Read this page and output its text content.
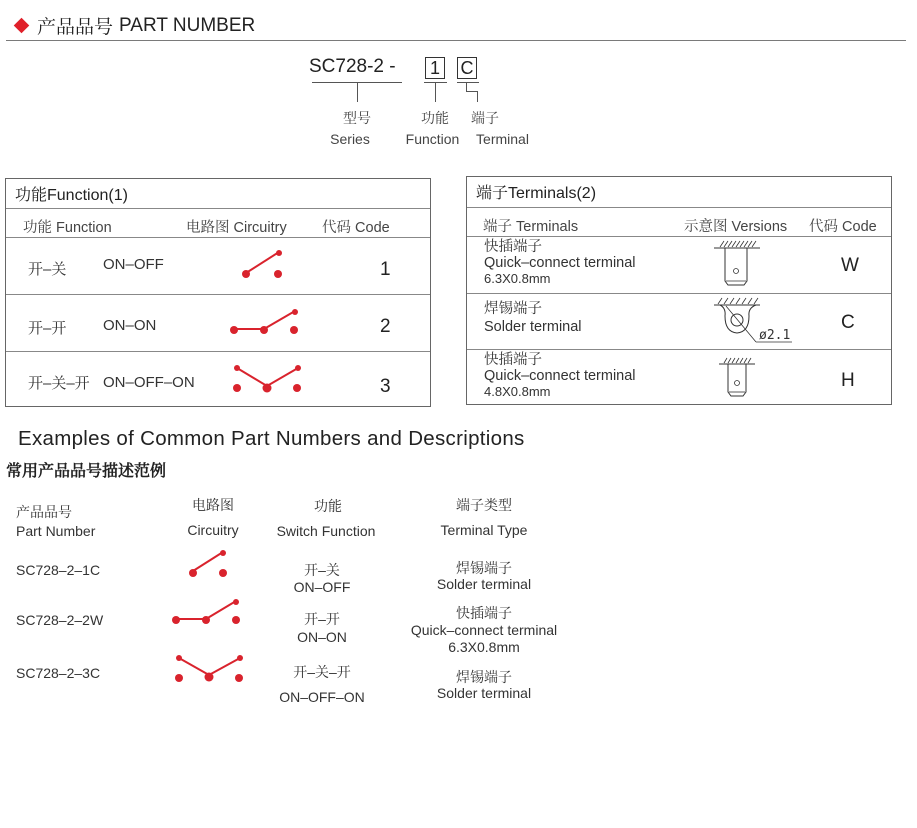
产品品号 PART NUMBER
SC728-2 - 1 C
型号
Series
功能
Function
端子
Terminal
功能Function(1)
功能 Function	电路图 Circuitry 代码 Code
开–关 ON–OFF	1
开–开 ON–ON	2
开–关–开 ON–OFF–ON	3
端子Terminals(2)
端子 Terminals	示意图 Versions 代码 Code
快插端子
Quick–connect terminal
6.3X0.8mm
W
焊锡端子
Solder terminal
ø2.1
C
快插端子
Quick–connect terminal
4.8X0.8mm
H
Examples of Common Part Numbers and Descriptions
常用产品品号描述范例
产品品号
Part Number
电路图
Circuitry
功能
Switch Function
端子类型
Terminal Type
SC728–2–1C	开–关
ON–OFF
焊锡端子
Solder terminal
SC728–2–2W	开–开
ON–ON
快插端子
Quick–connect terminal
6.3X0.8mm
SC728–2–3C	开–关–开
ON–OFF–ON
焊锡端子
Solder terminal
